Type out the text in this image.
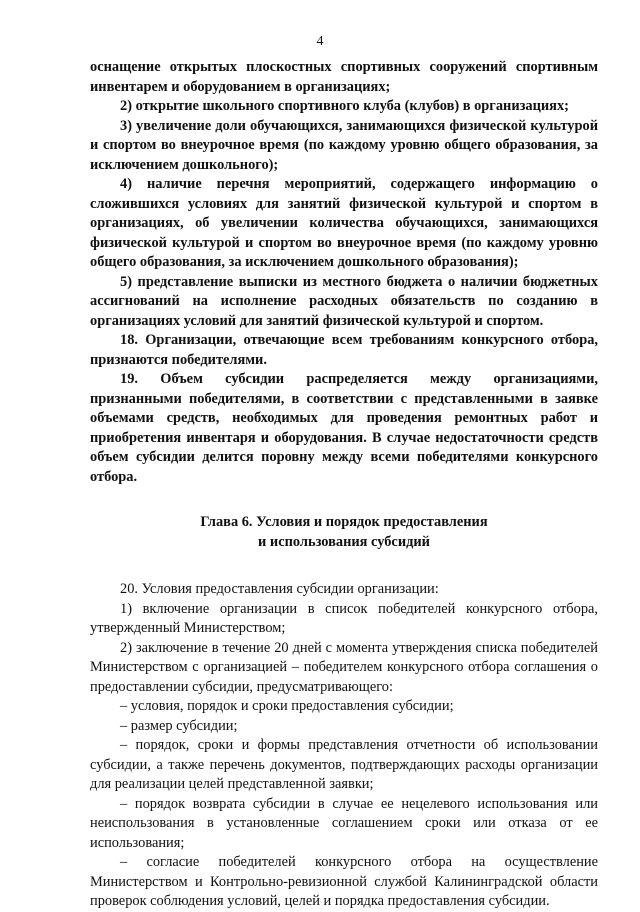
4

оснащение открытых плоскостных спортивных сооружений спортивным инвентарем и оборудованием в организациях;

2) открытие школьного спортивного клуба (клубов) в организациях;

3) увеличение доли обучающихся, занимающихся физической культурой и спортом во внеурочное время (по каждому уровню общего образования, за исключением дошкольного);

4) наличие перечня мероприятий, содержащего информацию о сложившихся условиях для занятий физической культурой и спортом в организациях, об увеличении количества обучающихся, занимающихся физической культурой и спортом во внеурочное время (по каждому уровню общего образования, за исключением дошкольного образования);

5) представление выписки из местного бюджета о наличии бюджетных ассигнований на исполнение расходных обязательств по созданию в организациях условий для занятий физической культурой и спортом.

18. Организации, отвечающие всем требованиям конкурсного отбора, признаются победителями.

19. Объем субсидии распределяется между организациями, признанными победителями, в соответствии с представленными в заявке объемами средств, необходимых для проведения ремонтных работ и приобретения инвентаря и оборудования. В случае недостаточности средств объем субсидии делится поровну между всеми победителями конкурсного отбора.

Глава 6. Условия и порядок предоставления
и использования субсидий

20. Условия предоставления субсидии организации:

1) включение организации в список победителей конкурсного отбора, утвержденный Министерством;

2) заключение в течение 20 дней с момента утверждения списка победителей Министерством с организацией – победителем конкурсного отбора соглашения о предоставлении субсидии, предусматривающего:

– условия, порядок и сроки предоставления субсидии;

– размер субсидии;

– порядок, сроки и формы представления отчетности об использовании субсидии, а также перечень документов, подтверждающих расходы организации для реализации целей представленной заявки;

– порядок возврата субсидии в случае ее нецелевого использования или неиспользования в установленные соглашением сроки или отказа от ее использования;

– согласие победителей конкурсного отбора на осуществление Министерством и Контрольно-ревизионной службой Калининградской области проверок соблюдения условий, целей и порядка предоставления субсидии.
